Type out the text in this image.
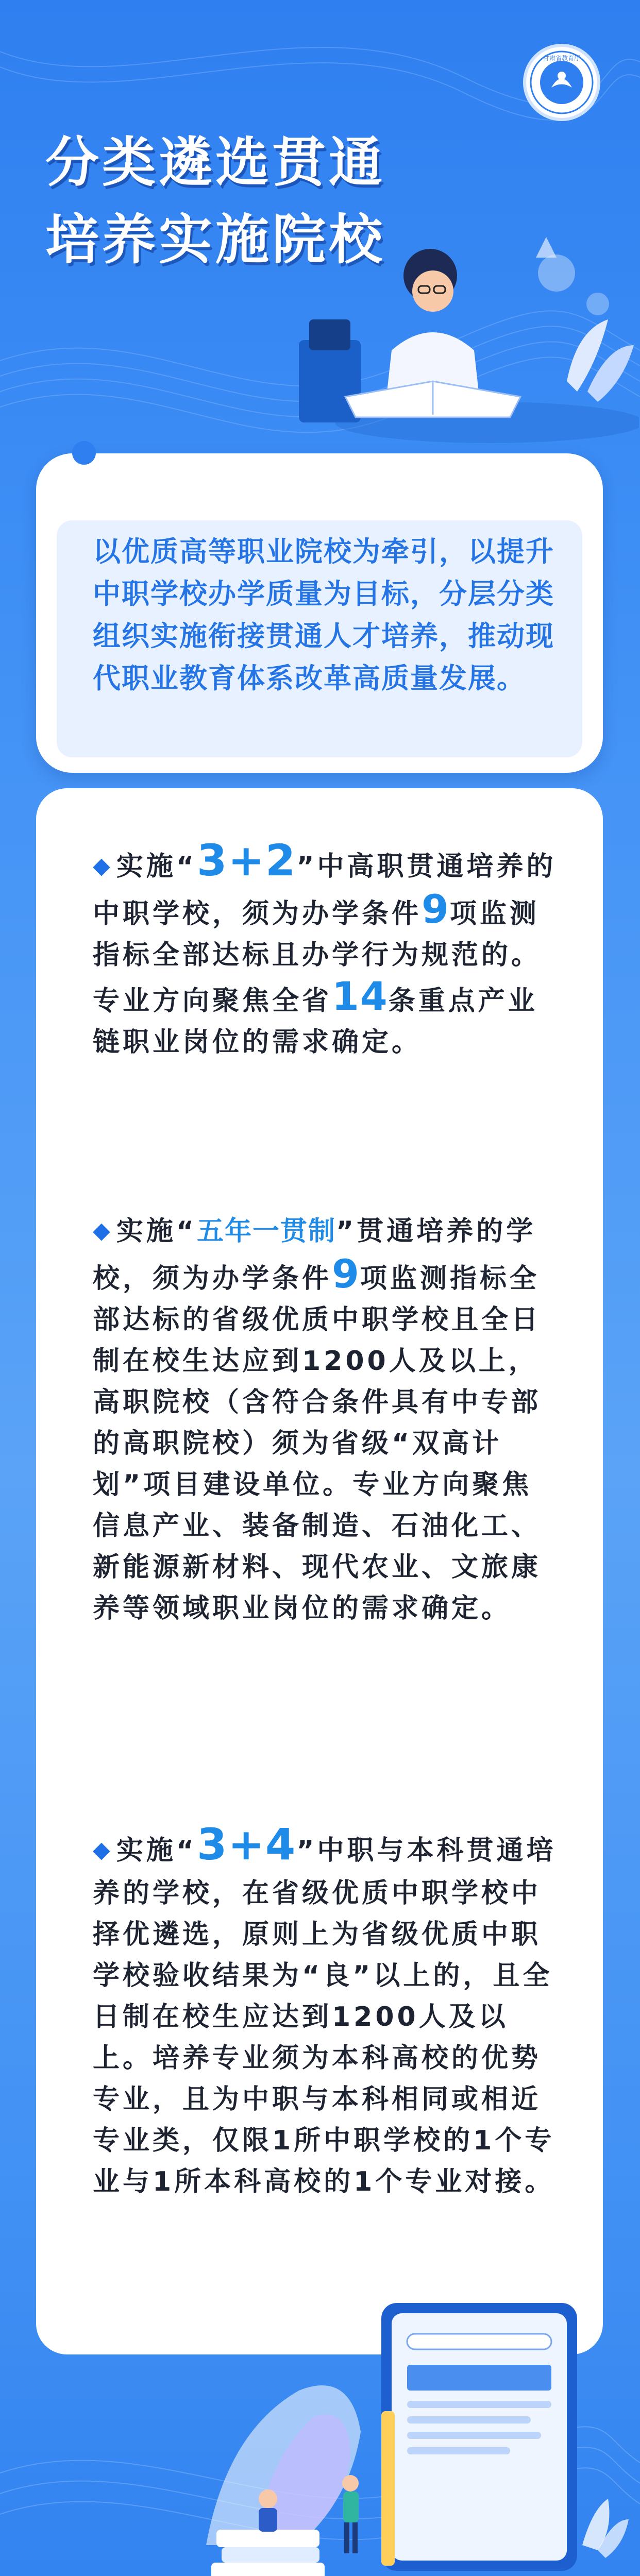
甘肃省教育厅
分类遴选贯通
培养实施院校
以优质高等职业院校为牵引，以提升中职学校办学质量为目标，分层分类组织实施衔接贯通人才培养，推动现代职业教育体系改革高质量发展。
◆ 实施“3+2”中高职贯通培养的中职学校，须为办学条件9项监测指标全部达标且办学行为规范的。专业方向聚焦全省14条重点产业链职业岗位的需求确定。
◆ 实施“五年一贯制”贯通培养的学校，须为办学条件9项监测指标全部达标的省级优质中职学校且全日制在校生达应到1200人及以上，高职院校（含符合条件具有中专部的高职院校）须为省级“双高计划”项目建设单位。专业方向聚焦信息产业、装备制造、石油化工、新能源新材料、现代农业、文旅康养等领域职业岗位的需求确定。
◆ 实施“3+4”中职与本科贯通培养的学校，在省级优质中职学校中择优遴选，原则上为省级优质中职学校验收结果为“良”以上的，且全日制在校生应达到1200人及以上。培养专业须为本科高校的优势专业，且为中职与本科相同或相近专业类，仅限1所中职学校的1个专业与1所本科高校的1个专业对接。
